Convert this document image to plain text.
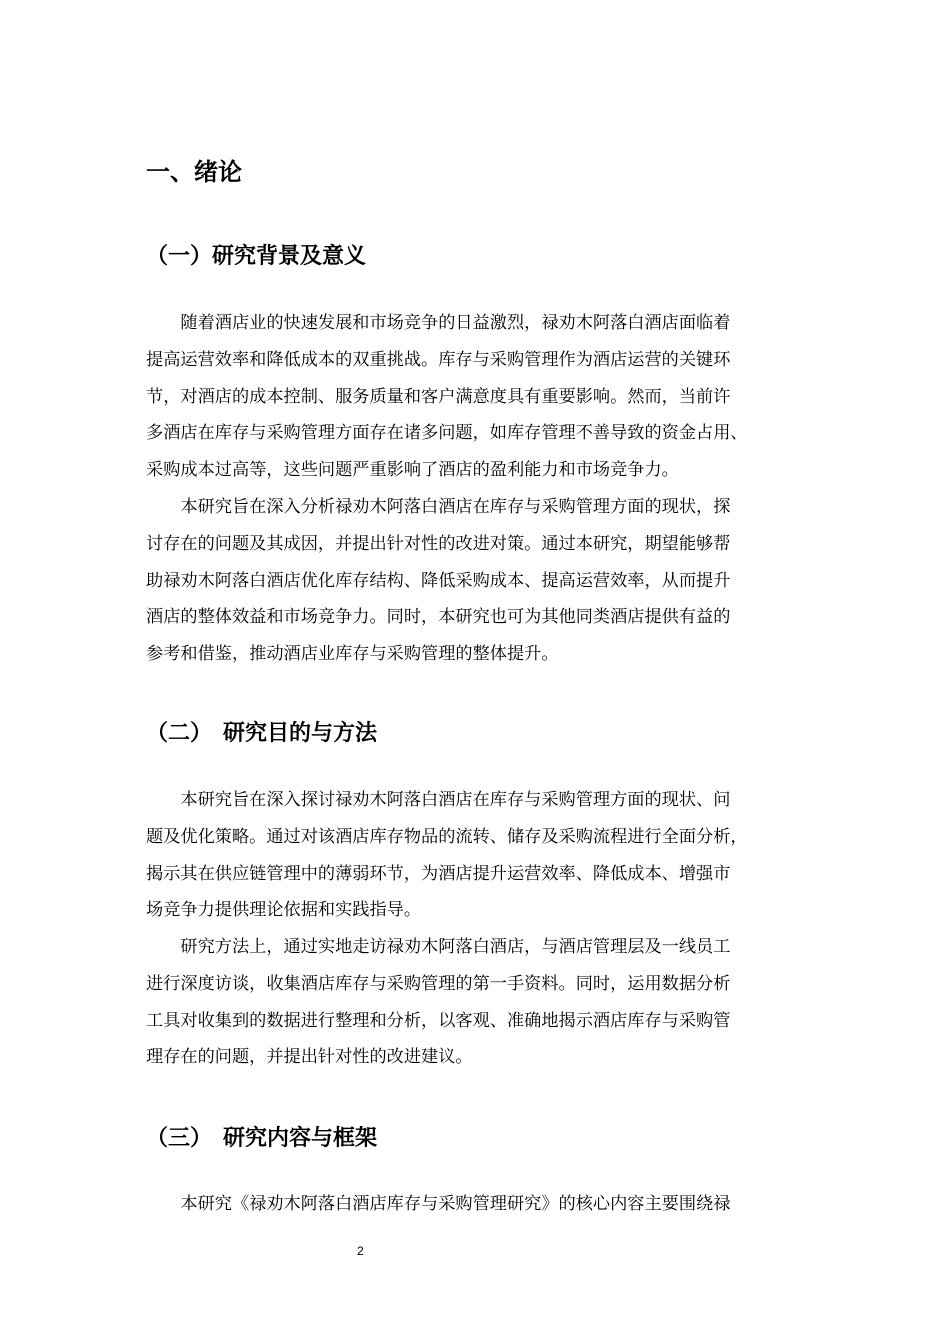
一、绪论
（一）研究背景及意义
　　随着酒店业的快速发展和市场竞争的日益激烈，禄劝木阿落白酒店面临着
提高运营效率和降低成本的双重挑战。库存与采购管理作为酒店运营的关键环
节，对酒店的成本控制、服务质量和客户满意度具有重要影响。然而，当前许
多酒店在库存与采购管理方面存在诸多问题，如库存管理不善导致的资金占用、
采购成本过高等，这些问题严重影响了酒店的盈利能力和市场竞争力。
　　本研究旨在深入分析禄劝木阿落白酒店在库存与采购管理方面的现状，探
讨存在的问题及其成因，并提出针对性的改进对策。通过本研究，期望能够帮
助禄劝木阿落白酒店优化库存结构、降低采购成本、提高运营效率，从而提升
酒店的整体效益和市场竞争力。同时，本研究也可为其他同类酒店提供有益的
参考和借鉴，推动酒店业库存与采购管理的整体提升。
（二）　研究目的与方法
　　本研究旨在深入探讨禄劝木阿落白酒店在库存与采购管理方面的现状、问
题及优化策略。通过对该酒店库存物品的流转、储存及采购流程进行全面分析，
揭示其在供应链管理中的薄弱环节，为酒店提升运营效率、降低成本、增强市
场竞争力提供理论依据和实践指导。
　　研究方法上，通过实地走访禄劝木阿落白酒店，与酒店管理层及一线员工
进行深度访谈，收集酒店库存与采购管理的第一手资料。同时，运用数据分析
工具对收集到的数据进行整理和分析，以客观、准确地揭示酒店库存与采购管
理存在的问题，并提出针对性的改进建议。
（三）　研究内容与框架
　　本研究《禄劝木阿落白酒店库存与采购管理研究》的核心内容主要围绕禄
2
